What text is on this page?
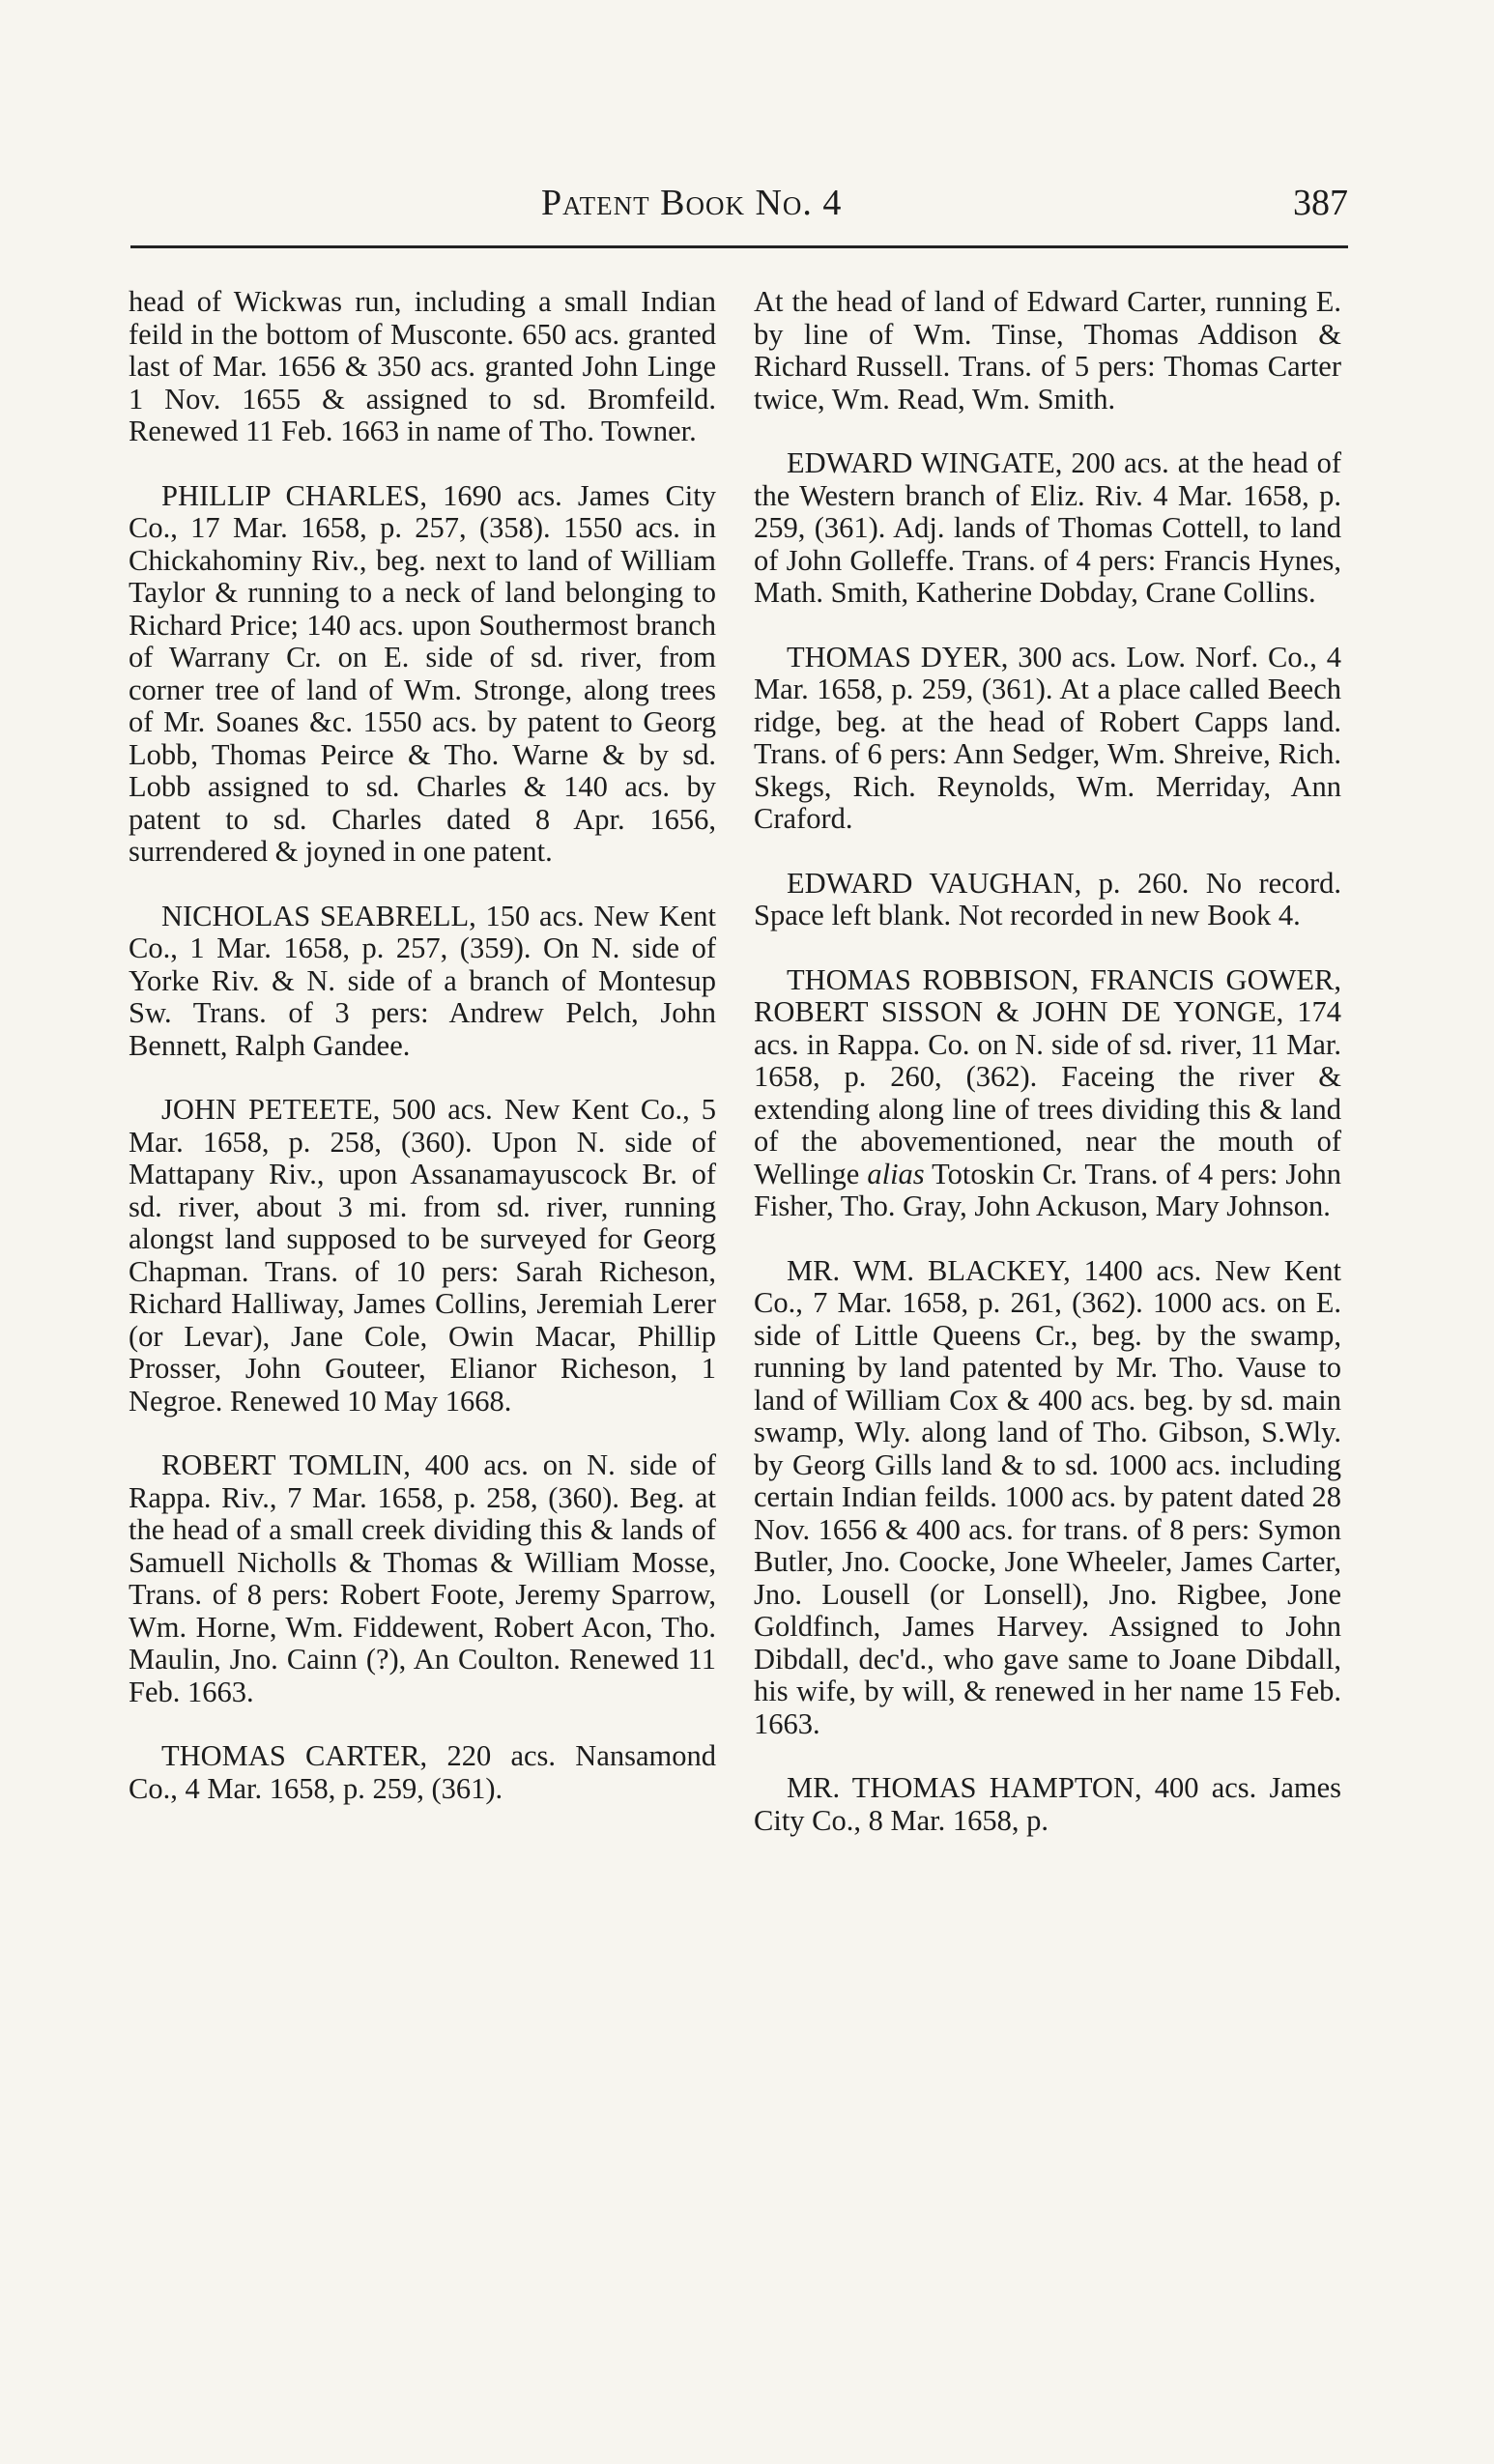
Patent Book No. 4	387

head of Wickwas run, including a small Indian feild in the bottom of Musconte. 650 acs. granted last of Mar. 1656 & 350 acs. granted John Linge 1 Nov. 1655 & assigned to sd. Bromfeild. Renewed 11 Feb. 1663 in name of Tho. Towner.

PHILLIP CHARLES, 1690 acs. James City Co., 17 Mar. 1658, p. 257, (358). 1550 acs. in Chickahominy Riv., beg. next to land of William Taylor & running to a neck of land belonging to Richard Price; 140 acs. upon Southermost branch of Warrany Cr. on E. side of sd. river, from corner tree of land of Wm. Stronge, along trees of Mr. Soanes &c. 1550 acs. by patent to Georg Lobb, Thomas Peirce & Tho. Warne & by sd. Lobb assigned to sd. Charles & 140 acs. by patent to sd. Charles dated 8 Apr. 1656, surrendered & joyned in one patent.

NICHOLAS SEABRELL, 150 acs. New Kent Co., 1 Mar. 1658, p. 257, (359). On N. side of Yorke Riv. & N. side of a branch of Montesup Sw. Trans. of 3 pers: Andrew Pelch, John Bennett, Ralph Gandee.

JOHN PETEETE, 500 acs. New Kent Co., 5 Mar. 1658, p. 258, (360). Upon N. side of Mattapany Riv., upon Assanamayuscock Br. of sd. river, about 3 mi. from sd. river, running alongst land supposed to be surveyed for Georg Chapman. Trans. of 10 pers: Sarah Richeson, Richard Halliway, James Collins, Jeremiah Lerer (or Levar), Jane Cole, Owin Macar, Phillip Prosser, John Gouteer, Elianor Richeson, 1 Negroe. Renewed 10 May 1668.

ROBERT TOMLIN, 400 acs. on N. side of Rappa. Riv., 7 Mar. 1658, p. 258, (360). Beg. at the head of a small creek dividing this & lands of Samuell Nicholls & Thomas & William Mosse, Trans. of 8 pers: Robert Foote, Jeremy Sparrow, Wm. Horne, Wm. Fiddewent, Robert Acon, Tho. Maulin, Jno. Cainn (?), An Coulton. Renewed 11 Feb. 1663.

THOMAS CARTER, 220 acs. Nansamond Co., 4 Mar. 1658, p. 259, (361).

At the head of land of Edward Carter, running E. by line of Wm. Tinse, Thomas Addison & Richard Russell. Trans. of 5 pers: Thomas Carter twice, Wm. Read, Wm. Smith.

EDWARD WINGATE, 200 acs. at the head of the Western branch of Eliz. Riv. 4 Mar. 1658, p. 259, (361). Adj. lands of Thomas Cottell, to land of John Golleffe. Trans. of 4 pers: Francis Hynes, Math. Smith, Katherine Dobday, Crane Collins.

THOMAS DYER, 300 acs. Low. Norf. Co., 4 Mar. 1658, p. 259, (361). At a place called Beech ridge, beg. at the head of Robert Capps land. Trans. of 6 pers: Ann Sedger, Wm. Shreive, Rich. Skegs, Rich. Reynolds, Wm. Merriday, Ann Craford.

EDWARD VAUGHAN, p. 260. No record. Space left blank. Not recorded in new Book 4.

THOMAS ROBBISON, FRANCIS GOWER, ROBERT SISSON & JOHN DE YONGE, 174 acs. in Rappa. Co. on N. side of sd. river, 11 Mar. 1658, p. 260, (362). Faceing the river & extending along line of trees dividing this & land of the abovementioned, near the mouth of Wellinge alias Totoskin Cr. Trans. of 4 pers: John Fisher, Tho. Gray, John Ackuson, Mary Johnson.

MR. WM. BLACKEY, 1400 acs. New Kent Co., 7 Mar. 1658, p. 261, (362). 1000 acs. on E. side of Little Queens Cr., beg. by the swamp, running by land patented by Mr. Tho. Vause to land of William Cox & 400 acs. beg. by sd. main swamp, Wly. along land of Tho. Gibson, S.Wly. by Georg Gills land & to sd. 1000 acs. including certain Indian feilds. 1000 acs. by patent dated 28 Nov. 1656 & 400 acs. for trans. of 8 pers: Symon Butler, Jno. Coocke, Jone Wheeler, James Carter, Jno. Lousell (or Lonsell), Jno. Rigbee, Jone Goldfinch, James Harvey. Assigned to John Dibdall, dec'd., who gave same to Joane Dibdall, his wife, by will, & renewed in her name 15 Feb. 1663.

MR. THOMAS HAMPTON, 400 acs. James City Co., 8 Mar. 1658, p.
